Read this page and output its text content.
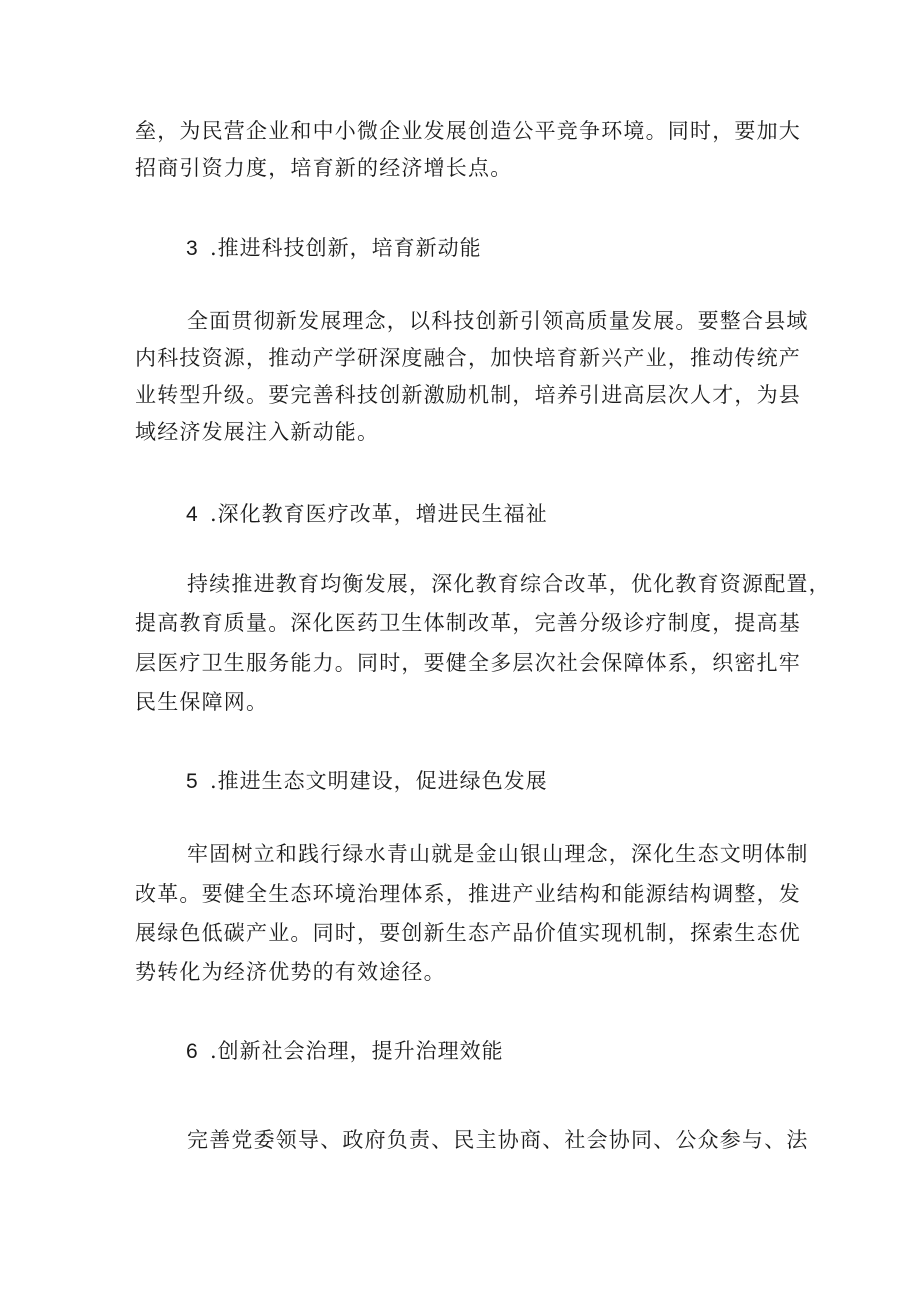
垒，为民营企业和中小微企业发展创造公平竞争环境。同时，要加大
招商引资力度，培育新的经济增长点。
3 .推进科技创新，培育新动能
全面贯彻新发展理念，以科技创新引领高质量发展。要整合县域
内科技资源，推动产学研深度融合，加快培育新兴产业，推动传统产
业转型升级。要完善科技创新激励机制，培养引进高层次人才，为县
域经济发展注入新动能。
4 .深化教育医疗改革，增进民生福祉
持续推进教育均衡发展，深化教育综合改革，优化教育资源配置，
提高教育质量。深化医药卫生体制改革，完善分级诊疗制度，提高基
层医疗卫生服务能力。同时，要健全多层次社会保障体系，织密扎牢
民生保障网。
5 .推进生态文明建设，促进绿色发展
牢固树立和践行绿水青山就是金山银山理念，深化生态文明体制
改革。要健全生态环境治理体系，推进产业结构和能源结构调整，发
展绿色低碳产业。同时，要创新生态产品价值实现机制，探索生态优
势转化为经济优势的有效途径。
6 .创新社会治理，提升治理效能
完善党委领导、政府负责、民主协商、社会协同、公众参与、法
